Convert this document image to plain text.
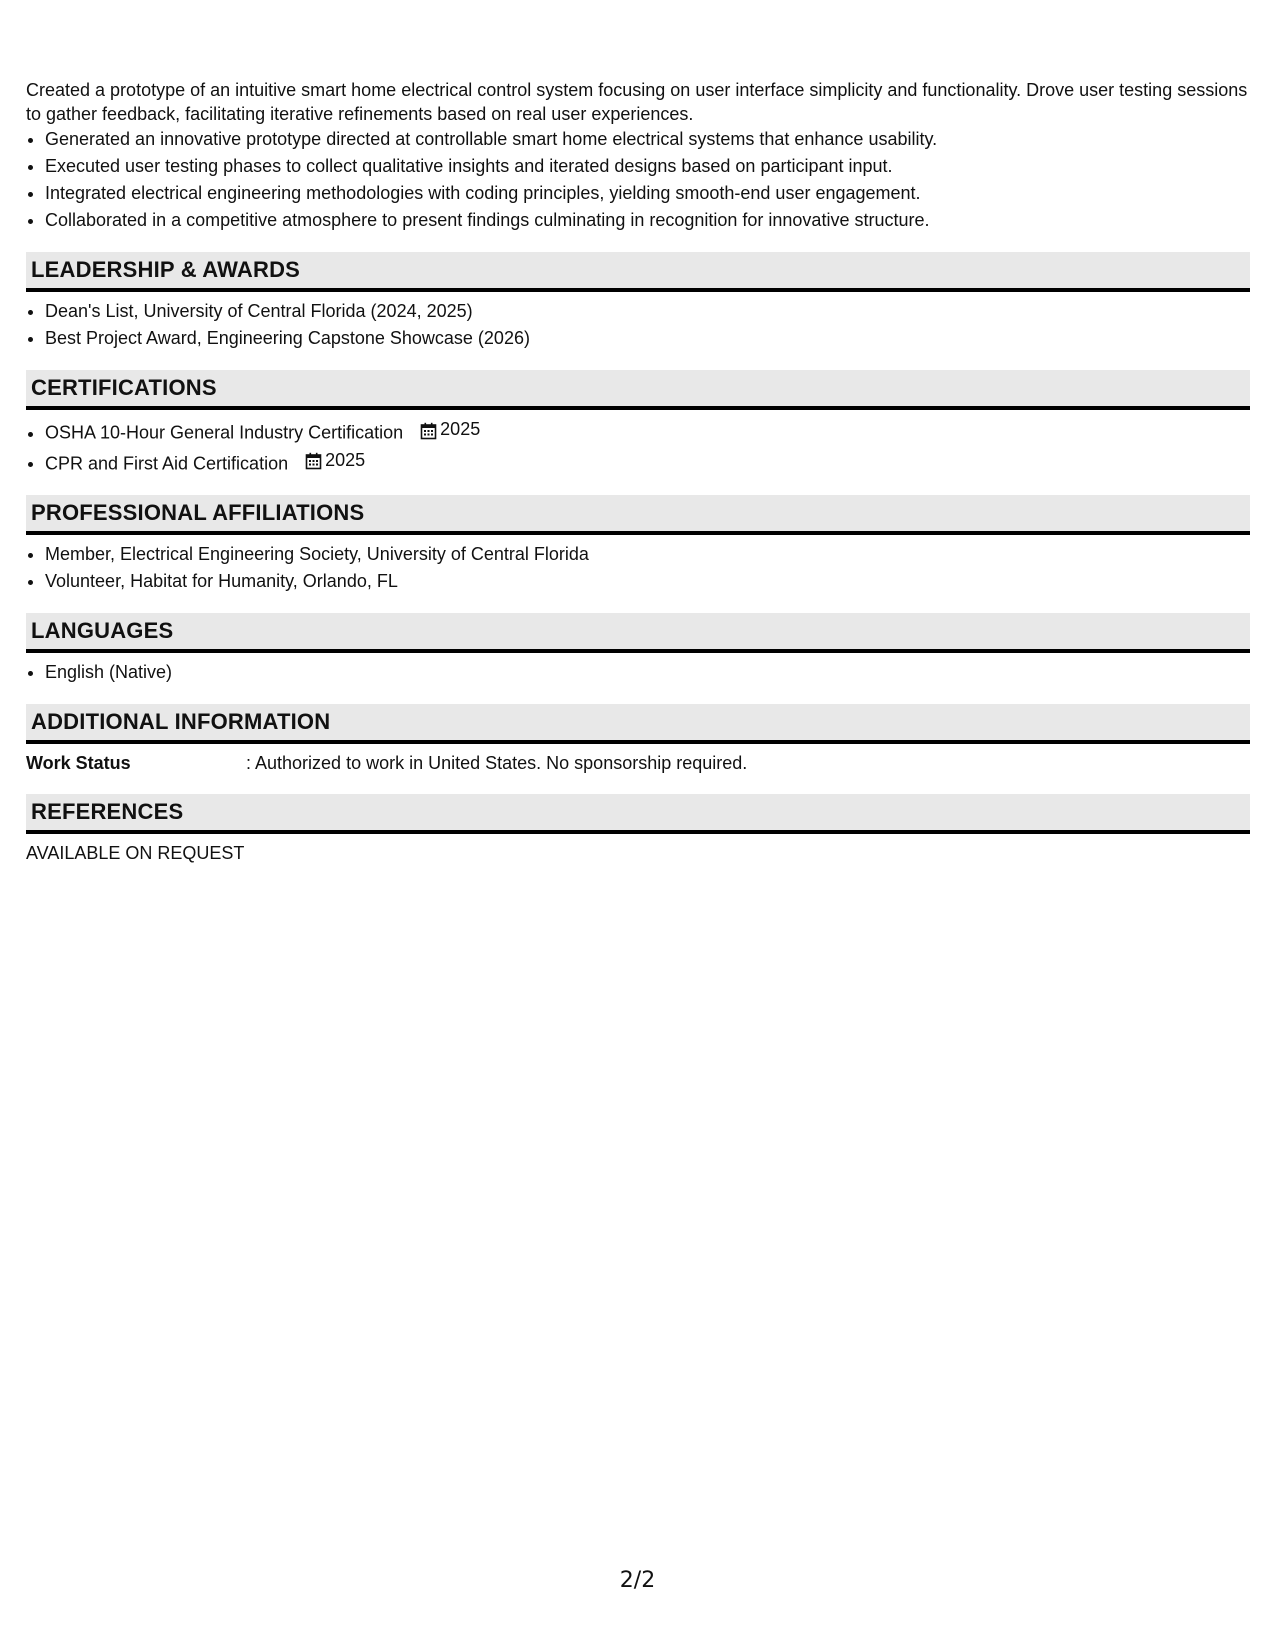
Created a prototype of an intuitive smart home electrical control system focusing on user interface simplicity and functionality. Drove user testing sessions to gather feedback, facilitating iterative refinements based on real user experiences.

• Generated an innovative prototype directed at controllable smart home electrical systems that enhance usability.
• Executed user testing phases to collect qualitative insights and iterated designs based on participant input.
• Integrated electrical engineering methodologies with coding principles, yielding smooth-end user engagement.
• Collaborated in a competitive atmosphere to present findings culminating in recognition for innovative structure.
LEADERSHIP & AWARDS
• Dean's List, University of Central Florida (2024, 2025)
• Best Project Award, Engineering Capstone Showcase (2026)
CERTIFICATIONS
• OSHA 10-Hour General Industry Certification 2025
• CPR and First Aid Certification 2025
PROFESSIONAL AFFILIATIONS
• Member, Electrical Engineering Society, University of Central Florida
• Volunteer, Habitat for Humanity, Orlando, FL
LANGUAGES
• English (Native)
ADDITIONAL INFORMATION
Work Status	: Authorized to work in United States. No sponsorship required.
REFERENCES

AVAILABLE ON REQUEST

2/2
